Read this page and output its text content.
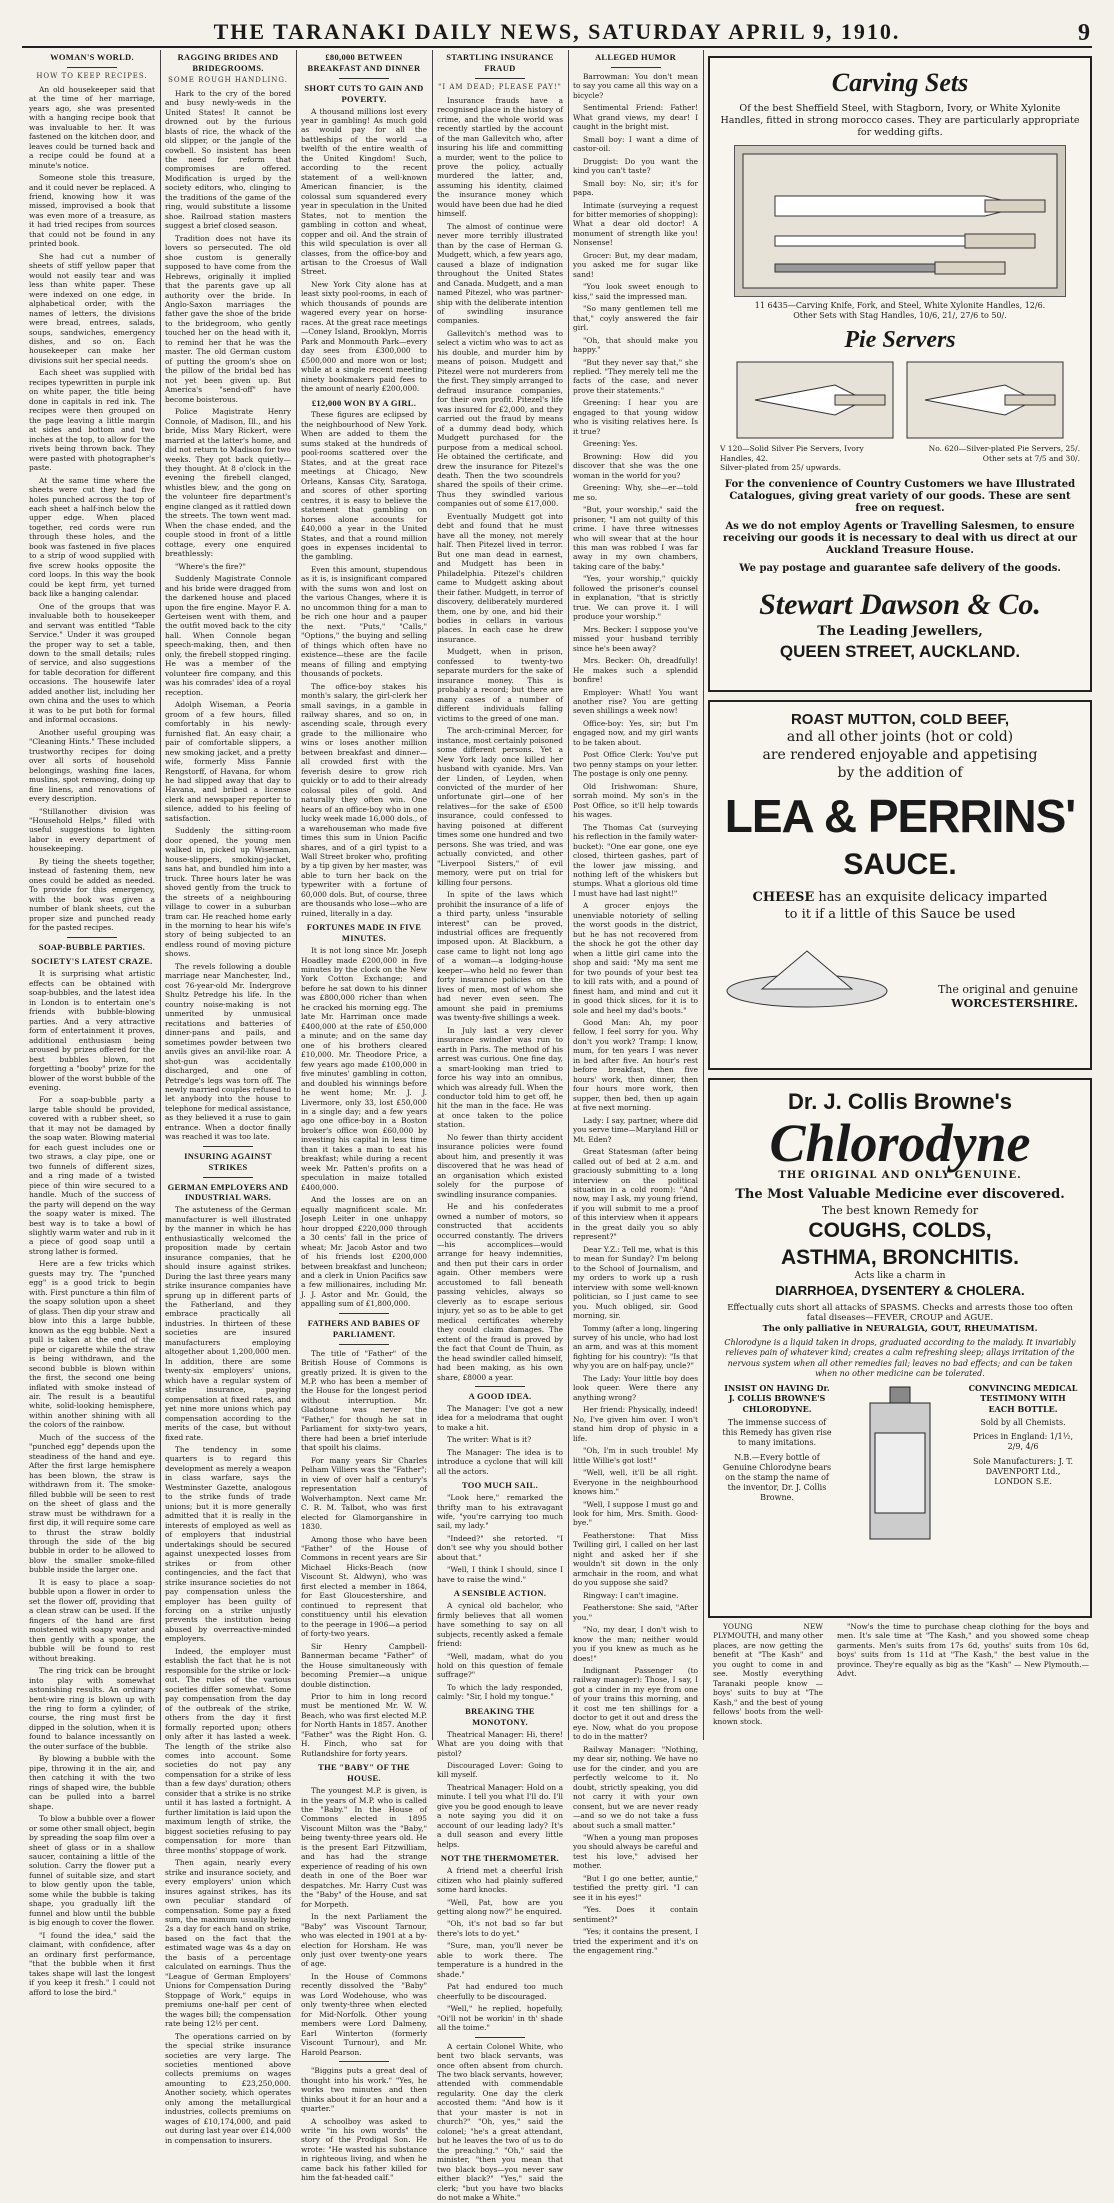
THE TARANAKI DAILY NEWS, SATURDAY APRIL 9, 1910.	9
WOMAN'S WORLD.
HOW TO KEEP RECIPES.

An old housekeeper said that at the time of her marriage, years ago, she was presented with a hanging recipe book that was invaluable to her. It was fastened on the kitchen door, and leaves could be turned back and a recipe could be found at a minute's notice.

Someone stole this treasure, and it could never be replaced. A friend, knowing how it was missed, improvised a book that was even more of a treasure, as it had tried recipes from sources that could not be found in any printed book.

She had cut a number of sheets of stiff yellow paper that would not easily tear and was less than white paper. These were indexed on one edge, in alphabetical order, with the names of letters, the divisions were bread, entrees, salads, soups, sandwiches, emergency dishes, and so on. Each housekeeper can make her divisions suit her special needs.

Each sheet was supplied with recipes typewritten in purple ink on white paper, the title being done in capitals in red ink. The recipes were then grouped on the page leaving a little margin at sides and bottom and two inches at the top, to allow for the rivets being thrown back. They were pasted with photographer's paste.

At the same time where the sheets were cut they had five holes punched across the top of each sheet a half-inch below the upper edge. When placed together, red cords were run through these holes, and the book was fastened in five places to a strip of wood supplied with five screw hooks opposite the cord loops. In this way the book could be kept firm, yet turned back like a hanging calendar.

One of the groups that was invaluable both to housekeeper and servant was entitled "Table Service." Under it was grouped the proper way to set a table, down to the small details; rules of service, and also suggestions for table decoration for different occasions. The housewife later added another list, including her own china and the uses to which it was to be put both for formal and informal occasions.

Another useful grouping was "Cleaning Hints." These included trustworthy recipes for doing over all sorts of household belongings, washing fine laces, muslins, spot removing, doing up fine linens, and renovations of every description.

"Stillanother division was "Household Helps," filled with useful suggestions to lighten labor in every department of housekeeping.

By tieing the sheets together, instead of fastening them, new ones could be added as needed. To provide for this emergency, with the book was given a number of blank sheets, cut the proper size and punched ready for the pasted recipes.

SOAP-BUBBLE PARTIES.
SOCIETY'S LATEST CRAZE.

It is surprising what artistic effects can be obtained with soap-bubbles, and the latest idea in London is to entertain one's friends with bubble-blowing parties. And a very attractive form of entertainment it proves, additional enthusiasm being aroused by prizes offered for the best bubbles blown, not forgetting a "booby" prize for the blower of the worst bubble of the evening.

For a soap-bubble party a large table should be provided, covered with a rubber sheet, so that it may not be damaged by the soap water. Blowing material for each guest includes one or two straws, a clay pipe, one or two funnels of different sizes, and a ring made of a twisted piece of thin wire secured to a handle. Much of the success of the party will depend on the way the soapy water is mixed. The best way is to take a bowl of slightly warm water and rub in it a piece of good soap until a strong lather is formed.

Here are a few tricks which guests may try. The "punched egg" is a good trick to begin with. First puncture a thin film of the soapy solution upon a sheet of glass. Then dip your straw and blow into this a large bubble, known as the egg bubble. Next a pull is taken at the end of the pipe or cigarette while the straw is being withdrawn, and the second bubble is blown within the first, the second one being inflated with smoke instead of air. The result is a beautiful white, solid-looking hemisphere, within another shining with all the colors of the rainbow.

Much of the success of the "punched egg" depends upon the steadiness of the hand and eye. After the first large hemisphere has been blown, the straw is withdrawn from it. The smoke-filled bubble will be seen to rest on the sheet of glass and the straw must be withdrawn for a first dip, it will require some care to thrust the straw boldly through the side of the big bubble in order to be allowed to blow the smaller smoke-filled bubble inside the larger one.

It is easy to place a soap-bubble upon a flower in order to set the flower off, providing that a clean straw can be used. If the fingers of the hand are first moistened with soapy water and then gently with a sponge, the bubble will be found to rest without breaking.

The ring trick can be brought into play with somewhat astonishing results. An ordinary bent-wire ring is blown up with the ring to form a cylinder, of course, the ring must first be dipped in the solution, when it is found to balance incessantly on the outer surface of the bubble.

By blowing a bubble with the pipe, throwing it in the air, and then catching it with the two rings of shaped wire, the bubble can be pulled into a barrel shape.

To blow a bubble over a flower or some other small object, begin by spreading the soap film over a sheet of glass or in a shallow saucer, containing a little of the solution. Carry the flower put a funnel of suitable size, and start to blow gently upon the table, some while the bubble is taking shape, you gradually lift the funnel and blow until the bubble is big enough to cover the flower.

"I found the idea," said the claimant, with confidence, after an ordinary first performance, "that the bubble when it first takes shape will last the longest if you keep it fresh." I could not afford to lose the bird."

RAGGING BRIDES AND BRIDEGROOMS.
SOME ROUGH HANDLING.

Hark to the cry of the bored and busy newly-weds in the United States! It cannot be drowned out by the furious blasts of rice, the whack of the old slipper, or the jangle of the cowbell. So insistent has been the need for reform that compromises are offered. Modification is urged by the society editors, who, clinging to the traditions of the game of the ring, would substitute a lissome shoe. Railroad station masters suggest a brief closed season.

Tradition does not have its lovers so persecuted. The old shoe custom is generally supposed to have come from the Hebrews, originally it implied that the parents gave up all authority over the bride. In Anglo-Saxon marriages the father gave the shoe of the bride to the bridegroom, who gently touched her on the head with it, to remind her that he was the master. The old German custom of putting the groom's shoe on the pillow of the bridal bed has not yet been given up. But America's "send-off" have become boisterous.

Police Magistrate Henry Connole, of Madison, Ill., and his bride, Miss Mary Rickert, were married at the latter's home, and did not return to Madison for two weeks. They got back quietly—they thought. At 8 o'clock in the evening the firebell clanged, whistles blew, and the gong on the volunteer fire department's engine clanged as it rattled down the streets. The town went mad. When the chase ended, and the couple stood in front of a little cottage, every one enquired breathlessly:

"Where's the fire?"

Suddenly Magistrate Connole and his bride were dragged from the darkened house and placed upon the fire engine. Mayor F. A. Gerteisen went with them, and the outfit moved back to the city hall. When Connole began speech-making, then, and then only, the firebell stopped ringing. He was a member of the volunteer fire company, and this was his comrades' idea of a royal reception.

Adolph Wiseman, a Peoria groom of a few hours, filled comfortably in his newly-furnished flat. An easy chair, a pair of comfortable slippers, a new smoking jacket, and a pretty wife, formerly Miss Fannie Rengstorff, of Havana, for whom he had slipped away that day to Havana, and bribed a license clerk and newspaper reporter to silence, added to his feeling of satisfaction.

Suddenly the sitting-room door opened, the young men walked in, picked up Wiseman, house-slippers, smoking-jacket, sans hat, and bundled him into a truck. Three hours later he was shoved gently from the truck to the streets of a neighbouring village to cower in a suburban tram car. He reached home early in the morning to hear his wife's story of being subjected to an endless round of moving picture shows.

The revels following a double marriage near Manchester, Ind., cost 76-year-old Mr. Indergrove Shultz Petredge his life. In the country noise-making is not unmerited by unmusical recitations and batteries of dinner-pans and pails, and sometimes powder between two anvils gives an anvil-like roar. A shot-gun was accidentally discharged, and one of Petredge's legs was torn off. The newly married couples refused to let anybody into the house to telephone for medical assistance, as they believed it a ruse to gain entrance. When a doctor finally was reached it was too late.

INSURING AGAINST STRIKES
GERMAN EMPLOYERS AND INDUSTRIAL WARS.

The astuteness of the German manufacturer is well illustrated by the manner in which he has enthusiastically welcomed the proposition made by certain insurance companies, that he should insure against strikes. During the last three years many strike insurance companies have sprung up in different parts of the Fatherland, and they embrace practically all industries. In thirteen of these societies are insured manufacturers employing altogether about 1,200,000 men. In addition, there are some twenty-six employers' unions, which have a regular system of strike insurance, paying compensation at fixed rates, and yet nine more unions which pay compensation according to the merits of the case, but without fixed rate.

The tendency in some quarters is to regard this development as merely a weapon in class warfare, says the Westminster Gazette, analogous to the strike funds of trade unions; but it is more generally admitted that it is really in the interests of employed as well as of employers that industrial undertakings should be secured against unexpected losses from strikes or from other contingencies, and the fact that strike insurance societies do not pay compensation unless the employer has been guilty of forcing on a strike unjustly prevents the institution being abused by overreactive-minded employers.

Indeed, the employer must establish the fact that he is not responsible for the strike or lock-out. The rules of the various societies differ somewhat. Some pay compensation from the day of the outbreak of the strike, others from the day it first formally reported upon; others only after it has lasted a week. The length of the strike also comes into account. Some societies do not pay any compensation for a strike of less than a few days' duration; others consider that a strike is no strike until it has lasted a fortnight. A further limitation is laid upon the maximum length of strike, the biggest societies refusing to pay compensation for more than three months' stoppage of work.

Then again, nearly every strike and insurance society, and every employers' union which insures against strikes, has its own peculiar standard of compensation. Some pay a fixed sum, the maximum usually being 2s a day for each hand on strike, based on the fact that the estimated wage was 4s a day on the basis of a percentage calculated on earnings. Thus the "League of German Employers' Unions for Compensation During Stoppage of Work," equips in premiums one-half per cent of the wages bill; the compensation rate being 12½ per cent.

The operations carried on by the special strike insurance societies are very large. The societies mentioned above collects premiums on wages amounting to £23,250,000. Another society, which operates only among the metallurgical industries, collects premiums on wages of £10,174,000, and paid out during last year over £14,000 in compensation to insurers.

£80,000 BETWEEN BREAKFAST AND DINNER
SHORT CUTS TO GAIN AND POVERTY.

A thousand millions lost every year in gambling! As much gold as would pay for all the battleships of the world —a twelfth of the entire wealth of the United Kingdom! Such, according to the recent statement of a well-known American financier, is the colossal sum squandered every year in speculation in the United States, not to mention the gambling in cotton and wheat, copper and oil. And the strain of this wild speculation is over all classes, from the office-boy and artisan to the Croesus of Wall Street.

New York City alone has at least sixty pool-rooms, in each of which thousands of pounds are wagered every year on horse-races. At the great race meetings—Coney Island, Brooklyn, Morris Park and Monmouth Park—every day sees from £300,000 to £500,000 and more won or lost; while at a single recent meeting ninety bookmakers paid fees to the amount of nearly £200,000.

£12,000 WON BY A GIRL.

These figures are eclipsed by the neighbourhood of New York. When are added to them the sums staked at the hundreds of pool-rooms scattered over the States, and at the great race meetings at Chicago, New Orleans, Kansas City, Saratoga, and scores of other sporting centres, it is easy to believe the statement that gambling on horses alone accounts for £40,000 a year in the United States, and that a round million goes in expenses incidental to the gambling.

Even this amount, stupendous as it is, is insignificant compared with the sums won and lost on the various Changes, where it is no uncommon thing for a man to be rich one hour and a pauper the next. "Puts," "Calls," "Options," the buying and selling of things which often have no existence—these are the facile means of filling and emptying thousands of pockets.

The office-boy stakes his month's salary, the girl-clerk her small savings, in a gamble in railway shares, and so on, in ascending scale, through every grade to the millionaire who wins or loses another million between breakfast and dinner—all crowded first with the feverish desire to grow rich quickly or to add to their already colossal piles of gold. And naturally they often win. One hears of an office-boy who in one lucky week made 16,000 dols., of a warehouseman who made five times this sum in Union Pacific shares, and of a girl typist to a Wall Street broker who, profiting by a tip given by her master, was able to turn her back on the typewriter with a fortune of 60,000 dols. But, of course, three are thousands who lose—who are ruined, literally in a day.

FORTUNES MADE IN FIVE MINUTES.

It is not long since Mr. Joseph Hoadley made £200,000 in five minutes by the clock on the New York Cotton Exchange; and before he sat down to his dinner was £800,000 richer than when he cracked his morning egg. The late Mr. Harriman once made £400,000 at the rate of £50,000 a minute; and on the same day one of his brothers cleared £10,000. Mr. Theodore Price, a few years ago made £100,000 in five minutes' gambling in cotton, and doubled his winnings before he went home; Mr. J. J. Livermore, only 33, lost £50,000 in a single day; and a few years ago one office-boy in a Boston broker's office won £60,000 by investing his capital in less time than it takes a man to eat his breakfast; while during a recent week Mr. Patten's profits on a speculation in maize totalled £400,000.

And the losses are on an equally magnificent scale. Mr. Joseph Leiter in one unhappy hour dropped £220,000 through a 30 cents' fall in the price of wheat; Mr. Jacob Astor and two of his friends lost £200,000 between breakfast and luncheon; and a clerk in Union Pacifics saw a few millionaires, including Mr. J. J. Astor and Mr. Gould, the appalling sum of £1,800,000.

FATHERS AND BABIES OF PARLIAMENT.

The title of "Father" of the British House of Commons is greatly prized. It is given to the M.P. who has been a member of the House for the longest period without interruption. Mr. Gladstone was never the "Father," for though he sat in Parliament for sixty-two years, there had been a brief interlude that spoilt his claims.

For many years Sir Charles Pelham Villiers was the "Father"; in view of over half a century's representation of Wolverhampton. Next came Mr. C. R. M. Talbot, who was first elected for Glamorganshire in 1830.

Among those who have been "Father" of the House of Commons in recent years are Sir Michael Hicks-Beach (now Viscount St. Aldwyn), who was first elected a member in 1864, for East Gloucestershire, and continued to represent that constituency until his elevation to the peerage in 1906—a period of forty-two years.

Sir Henry Campbell-Bannerman became "Father" of the House simultaneously with becoming Premier—a unique double distinction.

Prior to him in long record must be mentioned Mr. W. W. Beach, who was first elected M.P. for North Hants in 1857. Another "Father" was the Right Hon. G. H. Finch, who sat for Rutlandshire for forty years.

THE "BABY" OF THE HOUSE.

The youngest M.P. is given, is in the years of M.P. who is called the "Baby." In the House of Commons elected in 1895 Viscount Milton was the "Baby," being twenty-three years old. He is the present Earl Fitzwilliam, and has had the strange experience of reading of his own death in one of the Boer war despatches. Mr. Harry Cust was the "Baby" of the House, and sat for Morpeth.

In the next Parliament the "Baby" was Viscount Tarnour, who was elected in 1901 at a by-election for Horsham. He was only just over twenty-one years of age.

In the House of Commons recently dissolved the "Baby" was Lord Wodehouse, who was only twenty-three when elected for Mid-Norfolk. Other young members were Lord Dalmeny, Earl Winterton (formerly Viscount Turnour), and Mr. Harold Pearson.

"Biggins puts a great deal of thought into his work." "Yes, he works two minutes and then thinks about it for an hour and a quarter."

A schoolboy was asked to write "in his own words" the story of the Prodigal Son. He wrote: "He wasted his substance in righteous living, and when he came back his father killed for him the fat-headed calf."

STARTLING INSURANCE FRAUD
"I AM DEAD; PLEASE PAY!"

Insurance frauds have a recognised place in the history of crime, and the whole world was recently startled by the account of the man Gallevitch who, after insuring his life and committing a murder, went to the police to prove the policy, actually murdered the latter, and, assuming his identity, claimed the insurance money which would have been due had he died himself.

The almost of continue were never more terribly illustrated than by the case of Herman G. Mudgett, which, a few years ago, caused a blaze of indignation throughout the United States and Canada. Mudgett, and a man named Pitezel, who was partner-ship with the deliberate intention of swindling insurance companies.

Gallevitch's method was to select a victim who was to act as his double, and murder him by means of poison. Mudgett and Pitezel were not murderers from the first. They simply arranged to defraud insurance companies, for their own profit. Pitezel's life was insured for £2,000, and they carried out the fraud by means of a dummy dead body, which Mudgett purchased for the purpose from a medical school. He obtained the certificate, and drew the insurance for Pitezel's death. Then the two scoundrels shared the spoils of their crime. Thus they swindled various companies out of some £17,000.

Eventually Mudgett got into debt and found that he must have all the money, not merely half. Then Pitezel lived in terror. But one man dead in earnest, and Mudgett has been in Philadelphia. Pitezel's children came to Mudgett asking about their father. Mudgett, in terror of discovery, deliberately murdered them, one by one, and hid their bodies in cellars in various places. In each case he drew insurance.

Mudgett, when in prison, confessed to twenty-two separate murders for the sake of insurance money. This is probably a record; but there are many cases of a number of different individuals falling victims to the greed of one man.

The arch-criminal Mercer, for instance, most certainly poisoned some different persons. Yet a New York lady once killed her husband with cyanide. Mrs. Van der Linden, of Leyden, when convicted of the murder of her unfortunate girl—one of her relatives—for the sake of £500 insurance, could confessed to having poisoned at different times some one hundred and two persons. She was tried, and was actually convicted, and other "Liverpool Sisters," of evil memory, were put on trial for killing four persons.

In spite of the laws which prohibit the insurance of a life of a third party, unless "insurable interest" can be proved, industrial offices are frequently imposed upon. At Blackburn, a case came to light not long ago of a woman—a lodging-house keeper—who held no fewer than forty insurance policies on the lives of men, most of whom she had never even seen. The amount she paid in premiums was twenty-five shillings a week.

In July last a very clever insurance swindler was run to earth in Paris. The method of his arrest was curious. One fine day, a smart-looking man tried to force his way into an omnibus, which was already full. When the conductor told him to get off, he hit the man in the face. He was at once taken to the police station.

No fewer than thirty accident insurance policies were found about him, and presently it was discovered that he was head of an organisation which existed solely for the purpose of swindling insurance companies.

He and his confederates owned a number of motors, so constructed that accidents occurred constantly. The drivers—his accomplices—would arrange for heavy indemnities, and then put their cars in order again. Other members were accustomed to fall beneath passing vehicles, always so cleverly as to escape serious injury, yet so as to be able to get medical certificates whereby they could claim damages. The extent of the fraud is proved by the fact that Count de Thuin, as the head swindler called himself, had been making, as his own share, £8000 a year.

A GOOD IDEA.

The Manager: I've got a new idea for a melodrama that ought to make a hit.

The writer: What is it?

The Manager: The idea is to introduce a cyclone that will kill all the actors.

TOO MUCH SAIL.

"Look here," remarked the thrifty man to his extravagant wife, "you're carrying too much sail, my lady."

"Indeed?" she retorted. "I don't see why you should bother about that."

"Well, I think I should, since I have to raise the wind."

A SENSIBLE ACTION.

A cynical old bachelor, who firmly believes that all women have something to say on all subjects, recently asked a female friend:

"Well, madam, what do you hold on this question of female suffrage?"

To which the lady responded, calmly: "Sir, I hold my tongue."

BREAKING THE MONOTONY.

Theatrical Manager: Hi, there! What are you doing with that pistol?

Discouraged Lover: Going to kill myself.

Theatrical Manager: Hold on a minute. I tell you what I'll do. I'll give you be good enough to leave a note saying you did it on account of our leading lady? It's a dull season and every little helps.

NOT THE THERMOMETER.

A friend met a cheerful Irish citizen who had plainly suffered some hard knocks.

"Well, Pat, how are you getting along now?" he enquired.

"Oh, it's not bad so far but there's lots to do yet."

"Sure, man, you'll never be able to work there. The temperature is a hundred in the shade."

Pat had endured too much cheerfully to be discouraged.

"Well," he replied, hopefully, "Oi'll not be workin' in th' shade all the toime."

A certain Colonel White, who bent two black servants, was once often absent from church. The two black servants, however, attended with commendable regularity. One day the clerk accosted them: "And how is it that your master is not in church?" "Oh, yes," said the colonel; "he's a great attendant, but he leaves the two of us to do the preaching." "Oh," said the minister, "then you mean that two black boys—you never saw either black?" "Yes," said the clerk; "but you have two blacks do not make a White."

ALLEGED HUMOR

Barrowman: You don't mean to say you came all this way on a bicycle?

Sentimental Friend: Father! What grand views, my dear! I caught in the bright mist.

Small boy: I want a dime of castor-oil.

Druggist: Do you want the kind you can't taste?

Small boy: No, sir; it's for papa.

Intimate (surveying a request for bitter memories of shopping): What a dear old doctor! A monument of strength like you! Nonsense!

Grocer: But, my dear madam, you asked me for sugar like sand!

"You look sweet enough to kiss," said the impressed man.

"So many gentlemen tell me that," coyly answered the fair girl.

"Oh, that should make you happy."

"But they never say that," she replied. "They merely tell me the facts of the case, and never prove their statements."

Greening: I hear you are engaged to that young widow who is visiting relatives here. Is it true?

Greening: Yes.

Browning: How did you discover that she was the one woman in the world for you?

Greening: Why, she—er—told me so.

"But, your worship," said the prisoner, "I am not guilty of this crime. I have three witnesses who will swear that at the hour this man was robbed I was far away in my own chambers, taking care of the baby."

"Yes, your worship," quickly followed the prisoner's counsel in explanation, "that is strictly true. We can prove it. I will produce your worship."

Mrs. Becker: I suppose you've missed your husband terribly since he's been away?

Mrs. Becker: Oh, dreadfully! He makes such a splendid bonfire!

Employer: What! You want another rise? You are getting seven shillings a week now!

Office-boy: Yes, sir; but I'm engaged now, and my girl wants to be taken about.

Post Office Clerk: You've put two penny stamps on your letter. The postage is only one penny.

Old Irishwoman: Shure, sorrah moind. My son's in the Post Office, so it'll help towards his wages.

The Thomas Cat (surveying his reflection in the family water-bucket): "One ear gone, one eye closed, thirteen gashes, part of the lower jaw missing, and nothing left of the whiskers but stumps. What a glorious old time I must have had last night!"

A grocer enjoys the unenviable notoriety of selling the worst goods in the district, but he has not recovered from the shock he got the other day when a little girl came into the shop and said: "My ma sent me for two pounds of your best tea to kill rats with, and a pound of finest ham, and mind and cut it in good thick slices, for it is to sole and heel my dad's boots."

Good Man: Ah, my poor fellow, I feel sorry for you. Why don't you work? Tramp: I know, mum, for ten years I was never in bed after five. An hour's rest before breakfast, then five hours' work, then dinner, then four hours more work, then supper, then bed, then up again at five next morning.

Lady: I say, partner, where did you serve time—Maryland Hill or Mt. Eden?

Great Statesman (after being called out of bed at 2 a.m. and graciously submitting to a long interview on the political situation in a cold room): "And now, may I ask, my young friend, if you will submit to me a proof of this interview when it appears in the great daily you so ably represent?"

Dear Y.Z.: Tell me, what is this to mean for Sunday? I'm belong to the School of Journalism, and my orders to work up a rush interview with some well-known politician, so I just came to see you. Much obliged, sir. Good morning, sir.

Tommy (after a long, lingering survey of his uncle, who had lost an arm, and was at this moment fighting for his country): "Is that why you are on half-pay, uncle?"

The Lady: Your little boy does look queer. Were there any anything wrong?

Her friend: Physically, indeed! No, I've given him over. I won't stand him drop of physic in a life.

"Oh, I'm in such trouble! My little Willie's got lost!"

"Well, well, it'll be all right. Everyone in the neighbourhood knows him."

"Well, I suppose I must go and look for him, Mrs. Smith. Good-bye."

Featherstone: That Miss Twilling girl, I called on her last night and asked her if she wouldn't sit down in the only armchair in the room, and what do you suppose she said?

Ringway: I can't imagine.

Featherstone: She said, "After you."

"No, my dear, I don't wish to know the man; neither would you if you knew as much as he does!"

Indignant Passenger (to railway manager): Those, I say, I got a cinder in my eye from one of your trains this morning, and it cost me ten shillings for a doctor to get it out and dress the eye. Now, what do you propose to do in the matter?

Railway Manager: "Nothing, my dear sir, nothing. We have no use for the cinder, and you are perfectly welcome to it. No doubt, strictly speaking, you did not carry it with your own consent, but we are never ready—and so we do not take a fuss about such a small matter."

"When a young man proposes you should always be careful and test his love," advised her mother.

"But I go one better, auntie," testified the pretty girl. "I can see it in his eyes!"

"Yes. Does it contain sentiment?"

"Yes; it contains the present, I tried the experiment and it's on the engagement ring."

YOUNG NEW PLYMOUTH, and many other places, are now getting the benefit at "The Kash" and you ought to come in and see. Mostly everything Taranaki people know — boys' suits to buy at "The Kash," and the best of young fellows' boots from the well-known stock.

"Now's the time to purchase cheap clothing for the boys and men. It's sale time at "The Kash," and you showed some cheap garments. Men's suits from 17s 6d, youths' suits from 10s 6d, boys' suits from 1s 11d at "The Kash," the best value in the province. They're equally as big as the "Kash" — New Plymouth.—Advt.

Carving Sets
Of the best Sheffield Steel, with Stagborn, Ivory, or White Xylonite Handles, fitted in strong morocco cases. They are particularly appropriate for wedding gifts.
11 6435—Carving Knife, Fork, and Steel, White Xylonite Handles, 12/6.
Other Sets with Stag Handles, 10/6, 21/, 27/6 to 50/.
Pie Servers
V 120—Solid Silver Pie Servers, Ivory Handles, 42.
Silver-plated from 25/ upwards.
No. 620—Silver-plated Pie Servers, 25/. Other sets at 7/5 and 30/.
For the convenience of Country Customers we have Illustrated Catalogues, giving great variety of our goods. These are sent free on request.
As we do not employ Agents or Travelling Salesmen, to ensure receiving our goods it is necessary to deal with us direct at our Auckland Treasure House.
We pay postage and guarantee safe delivery of the goods.
Stewart Dawson & Co.
The Leading Jewellers,
QUEEN STREET, AUCKLAND.
ROAST MUTTON, COLD BEEF,
and all other joints (hot or cold)
are rendered enjoyable and appetising
by the addition of
LEA & PERRINS'
SAUCE.
CHEESE has an exquisite delicacy imparted
to it if a little of this Sauce be used
The original and genuine
WORCESTERSHIRE.
Dr. J. Collis Browne's
Chlorodyne
THE ORIGINAL AND ONLY GENUINE.
The Most Valuable Medicine ever discovered.
The best known Remedy for
COUGHS, COLDS,
ASTHMA, BRONCHITIS.
Acts like a charm in
DIARRHOEA, DYSENTERY & CHOLERA.
Effectually cuts short all attacks of SPASMS. Checks and arrests those too often fatal diseases—FEVER, CROUP and AGUE.
The only palliative in NEURALGIA, GOUT, RHEUMATISM.
Chlorodyne is a liquid taken in drops, graduated according to the malady. It invariably relieves pain of whatever kind; creates a calm refreshing sleep; allays irritation of the nervous system when all other remedies fail; leaves no bad effects; and can be taken when no other medicine can be tolerated.
INSIST ON HAVING Dr. J. COLLIS BROWNE'S CHLORODYNE.
The immense success of this Remedy has given rise to many imitations.
N.B.—Every bottle of Genuine Chlorodyne bears on the stamp the name of the inventor, Dr. J. Collis Browne.
CONVINCING MEDICAL TESTIMONY WITH EACH BOTTLE.
Sold by all Chemists.
Prices in England: 1/1½, 2/9, 4/6
Sole Manufacturers: J. T. DAVENPORT Ltd., LONDON S.E.
